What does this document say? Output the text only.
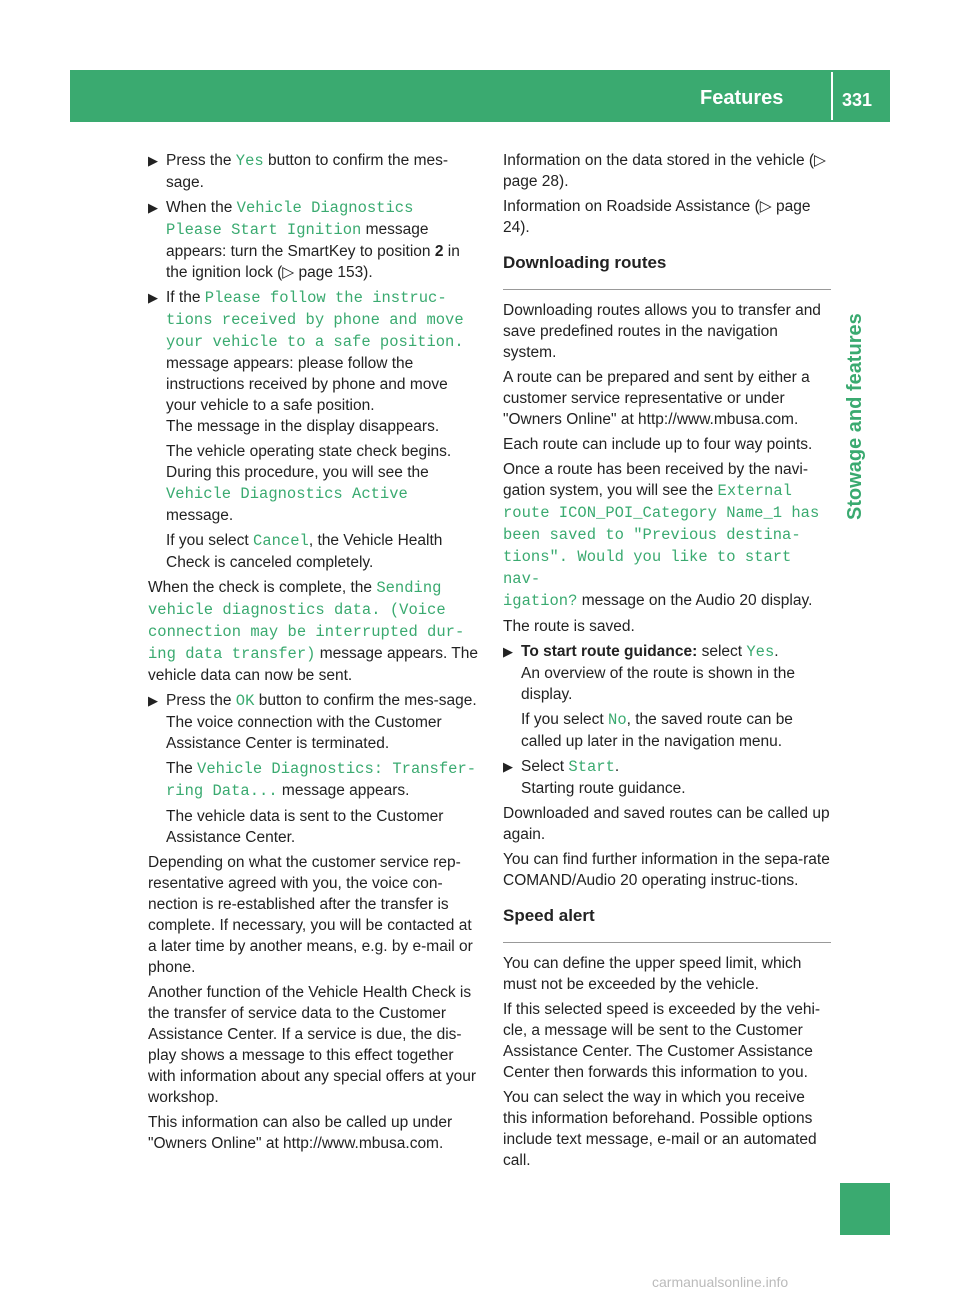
Features	331
Stowage and features
▶ Press the Yes button to confirm the mes-sage.
▶ When the Vehicle Diagnostics
Please Start Ignition message appears: turn the SmartKey to position 2 in the ignition lock (▷ page 153).
▶ If the Please follow the instruc‐
tions received by phone and move
your vehicle to a safe position.
message appears: please follow the instructions received by phone and move your vehicle to a safe position.
The message in the display disappears.
The vehicle operating state check begins. During this procedure, you will see the Vehicle Diagnostics Active message.
If you select Cancel, the Vehicle Health Check is canceled completely.

When the check is complete, the Sending
vehicle diagnostics data. (Voice
connection may be interrupted dur‐
ing data transfer) message appears. The vehicle data can now be sent.

▶ Press the OK button to confirm the mes-sage.
The voice connection with the Customer Assistance Center is terminated.
The Vehicle Diagnostics: Transfer‐
ring Data... message appears.
The vehicle data is sent to the Customer Assistance Center.

Depending on what the customer service rep-resentative agreed with you, the voice con-nection is re-established after the transfer is complete. If necessary, you will be contacted at a later time by another means, e.g. by e-mail or phone.

Another function of the Vehicle Health Check is the transfer of service data to the Customer Assistance Center. If a service is due, the dis-play shows a message to this effect together with information about any special offers at your workshop.

This information can also be called up under "Owners Online" at http://www.mbusa.com.

Information on the data stored in the vehicle (▷ page 28).

Information on Roadside Assistance (▷ page 24).

Downloading routes

Downloading routes allows you to transfer and save predefined routes in the navigation system.

A route can be prepared and sent by either a customer service representative or under "Owners Online" at http://www.mbusa.com.

Each route can include up to four way points.

Once a route has been received by the navi-gation system, you will see the External
route ICON_POI_Category Name_1 has
been saved to "Previous destina‐
tions". Would you like to start nav‐
igation? message on the Audio 20 display.

The route is saved.

▶ To start route guidance: select Yes.
An overview of the route is shown in the display.
If you select No, the saved route can be called up later in the navigation menu.
▶ Select Start.
Starting route guidance.

Downloaded and saved routes can be called up again.

You can find further information in the sepa-rate COMAND/Audio 20 operating instruc-tions.

Speed alert

You can define the upper speed limit, which must not be exceeded by the vehicle.

If this selected speed is exceeded by the vehi-cle, a message will be sent to the Customer Assistance Center. The Customer Assistance Center then forwards this information to you.

You can select the way in which you receive this information beforehand. Possible options include text message, e-mail or an automated call.

carmanualsonline.info
